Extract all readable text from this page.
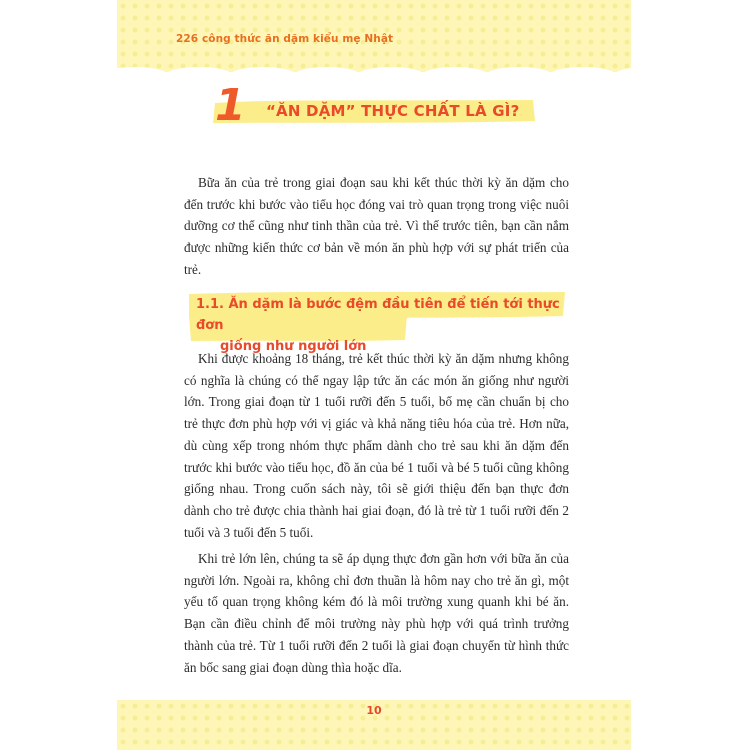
226 công thức ăn dặm kiểu mẹ Nhật
1 “ĂN DẶM” THỰC CHẤT LÀ GÌ?

Bữa ăn của trẻ trong giai đoạn sau khi kết thúc thời kỳ ăn dặm cho đến trước khi bước vào tiểu học đóng vai trò quan trọng trong việc nuôi dưỡng cơ thể cũng như tinh thần của trẻ. Vì thế trước tiên, bạn cần nắm được những kiến thức cơ bản về món ăn phù hợp với sự phát triển của trẻ.

1.1. Ăn dặm là bước đệm đầu tiên để tiến tới thực đơn
giống như người lớn

Khi được khoảng 18 tháng, trẻ kết thúc thời kỳ ăn dặm nhưng không có nghĩa là chúng có thể ngay lập tức ăn các món ăn giống như người lớn. Trong giai đoạn từ 1 tuổi rưỡi đến 5 tuổi, bố mẹ cần chuẩn bị cho trẻ thực đơn phù hợp với vị giác và khả năng tiêu hóa của trẻ. Hơn nữa, dù cùng xếp trong nhóm thực phẩm dành cho trẻ sau khi ăn dặm đến trước khi bước vào tiểu học, đồ ăn của bé 1 tuổi và bé 5 tuổi cũng không giống nhau. Trong cuốn sách này, tôi sẽ giới thiệu đến bạn thực đơn dành cho trẻ được chia thành hai giai đoạn, đó là trẻ từ 1 tuổi rưỡi đến 2 tuổi và 3 tuổi đến 5 tuổi.

Khi trẻ lớn lên, chúng ta sẽ áp dụng thực đơn gần hơn với bữa ăn của người lớn. Ngoài ra, không chỉ đơn thuần là hôm nay cho trẻ ăn gì, một yếu tố quan trọng không kém đó là môi trường xung quanh khi bé ăn. Bạn cần điều chỉnh để môi trường này phù hợp với quá trình trưởng thành của trẻ. Từ 1 tuổi rưỡi đến 2 tuổi là giai đoạn chuyển từ hình thức ăn bốc sang giai đoạn dùng thìa hoặc dĩa.

10
